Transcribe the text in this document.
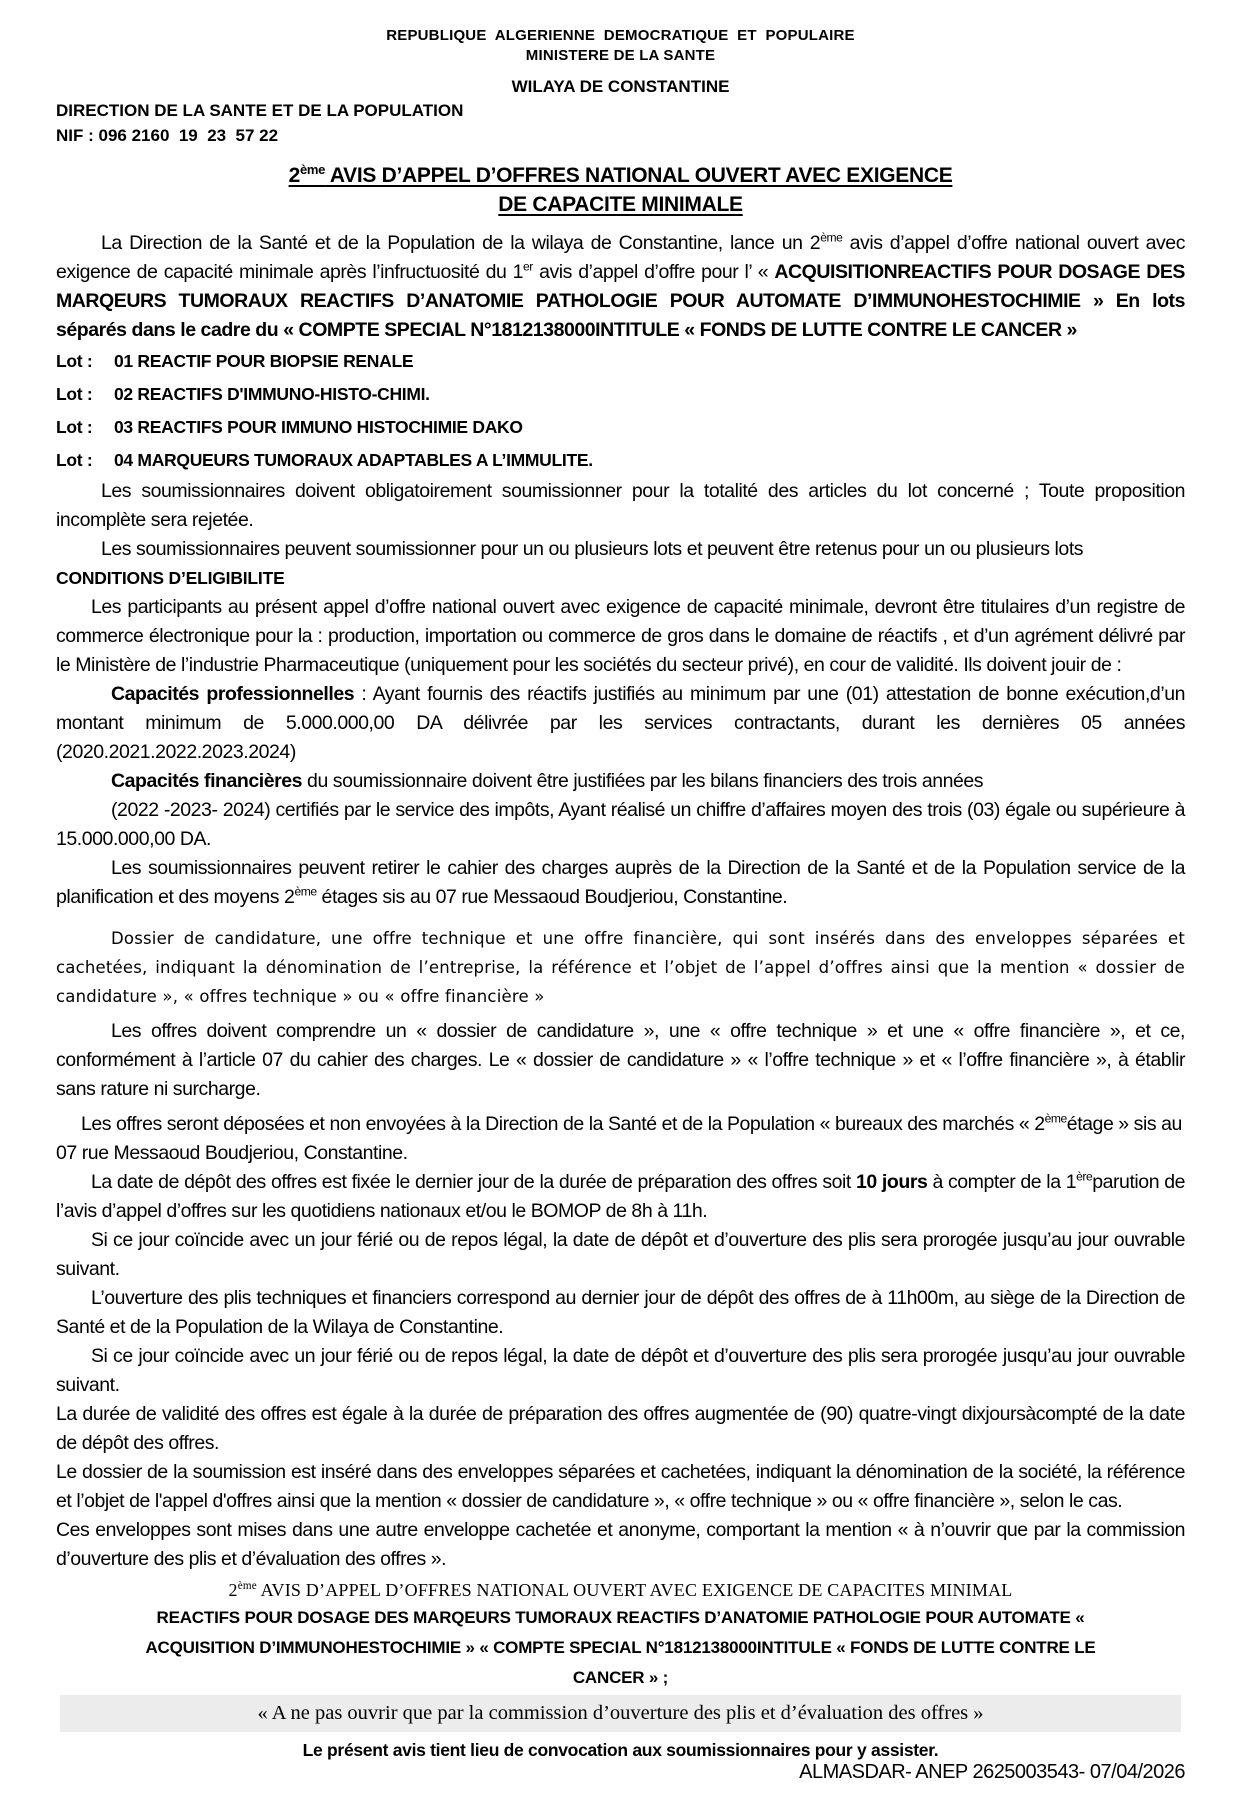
REPUBLIQUE  ALGERIENNE  DEMOCRATIQUE  ET  POPULAIRE
MINISTERE DE LA SANTE
WILAYA DE CONSTANTINE
DIRECTION DE LA SANTE ET DE LA POPULATION
NIF : 096 2160  19  23  57 22
2ème AVIS D’APPEL D’OFFRES NATIONAL OUVERT AVEC EXIGENCE
DE CAPACITE MINIMALE

La Direction de la Santé et de la Population de la wilaya de Constantine, lance un 2ème avis d’appel d’offre national ouvert avec exigence de capacité minimale après l’infructuosité du 1er avis d’appel d’offre pour l’ « ACQUISITIONREACTIFS POUR DOSAGE DES MARQEURS TUMORAUX REACTIFS D’ANATOMIE PATHOLOGIE POUR AUTOMATE D’IMMUNOHESTOCHIMIE » En lots séparés dans le cadre du « COMPTE SPECIAL N°1812138000INTITULE « FONDS DE LUTTE CONTRE LE CANCER »

Lot : 01 REACTIF POUR BIOPSIE RENALE
Lot : 02 REACTIFS D'IMMUNO-HISTO-CHIMI.
Lot : 03 REACTIFS POUR IMMUNO HISTOCHIMIE DAKO
Lot : 04 MARQUEURS TUMORAUX ADAPTABLES A L’IMMULITE.

Les soumissionnaires doivent obligatoirement soumissionner pour la totalité des articles du lot concerné ; Toute proposition incomplète sera rejetée.

Les soumissionnaires peuvent soumissionner pour un ou plusieurs lots et peuvent être retenus pour un ou plusieurs lots

CONDITIONS D’ELIGIBILITE

Les participants au présent appel d’offre national ouvert avec exigence de capacité minimale, devront être titulaires d’un registre de commerce électronique pour la : production, importation ou commerce de gros dans le domaine de réactifs , et d’un agrément délivré par le Ministère de l’industrie Pharmaceutique (uniquement pour les sociétés du secteur privé), en cour de validité. Ils doivent jouir de :

Capacités professionnelles : Ayant fournis des réactifs justifiés au minimum par une (01) attestation de bonne exécution,d’un montant minimum de 5.000.000,00 DA délivrée par les services contractants, durant les dernières 05 années (2020.2021.2022.2023.2024)

Capacités financières du soumissionnaire doivent être justifiées par les bilans financiers des trois années

(2022 -2023- 2024) certifiés par le service des impôts, Ayant réalisé un chiffre d’affaires moyen des trois (03) égale ou supérieure à 15.000.000,00 DA.

Les soumissionnaires peuvent retirer le cahier des charges auprès de la Direction de la Santé et de la Population service de la planification et des moyens 2ème étages sis au 07 rue Messaoud Boudjeriou, Constantine.

Dossier de candidature, une offre technique et une offre financière, qui sont insérés dans des enveloppes séparées et cachetées, indiquant la dénomination de l’entreprise, la référence et l’objet de l’appel d’offres ainsi que la mention « dossier de candidature », « offres technique » ou « offre financière »

Les offres doivent comprendre un « dossier de candidature », une « offre technique » et une « offre financière », et ce, conformément à l’article 07 du cahier des charges. Le « dossier de candidature » « l’offre technique » et « l’offre financière », à établir sans rature ni surcharge.

Les offres seront déposées et non envoyées à la Direction de la Santé et de la Population « bureaux des marchés « 2èmeétage » sis au 07 rue Messaoud Boudjeriou, Constantine.

La date de dépôt des offres est fixée le dernier jour de la durée de préparation des offres soit 10 jours à compter de la 1èreparution de l’avis d’appel d’offres sur les quotidiens nationaux et/ou le BOMOP de 8h à 11h.

Si ce jour coïncide avec un jour férié ou de repos légal, la date de dépôt et d’ouverture des plis sera prorogée jusqu’au jour ouvrable suivant.

L’ouverture des plis techniques et financiers correspond au dernier jour de dépôt des offres de à 11h00m, au siège de la Direction de Santé et de la Population de la Wilaya de Constantine.

Si ce jour coïncide avec un jour férié ou de repos légal, la date de dépôt et d’ouverture des plis sera prorogée jusqu’au jour ouvrable suivant.

La durée de validité des offres est égale à la durée de préparation des offres augmentée de (90) quatre-vingt dixjoursàcompté de la date de dépôt des offres.

Le dossier de la soumission est inséré dans des enveloppes séparées et cachetées, indiquant la dénomination de la société, la référence et l’objet de l'appel d'offres ainsi que la mention « dossier de candidature », « offre technique » ou « offre financière », selon le cas.

Ces enveloppes sont mises dans une autre enveloppe cachetée et anonyme, comportant la mention « à n’ouvrir que par la commission d’ouverture des plis et d’évaluation des offres ».

2ème AVIS D’APPEL D’OFFRES NATIONAL OUVERT AVEC EXIGENCE DE CAPACITES MINIMAL
REACTIFS POUR DOSAGE DES MARQEURS TUMORAUX REACTIFS D’ANATOMIE PATHOLOGIE POUR AUTOMATE « ACQUISITION D’IMMUNOHESTOCHIMIE » « COMPTE SPECIAL N°1812138000INTITULE « FONDS DE LUTTE CONTRE LE CANCER » ;
« A ne pas ouvrir que par la commission d’ouverture des plis et d’évaluation des offres »
Le présent avis tient lieu de convocation aux soumissionnaires pour y assister.
ALMASDAR- ANEP 2625003543- 07/04/2026
